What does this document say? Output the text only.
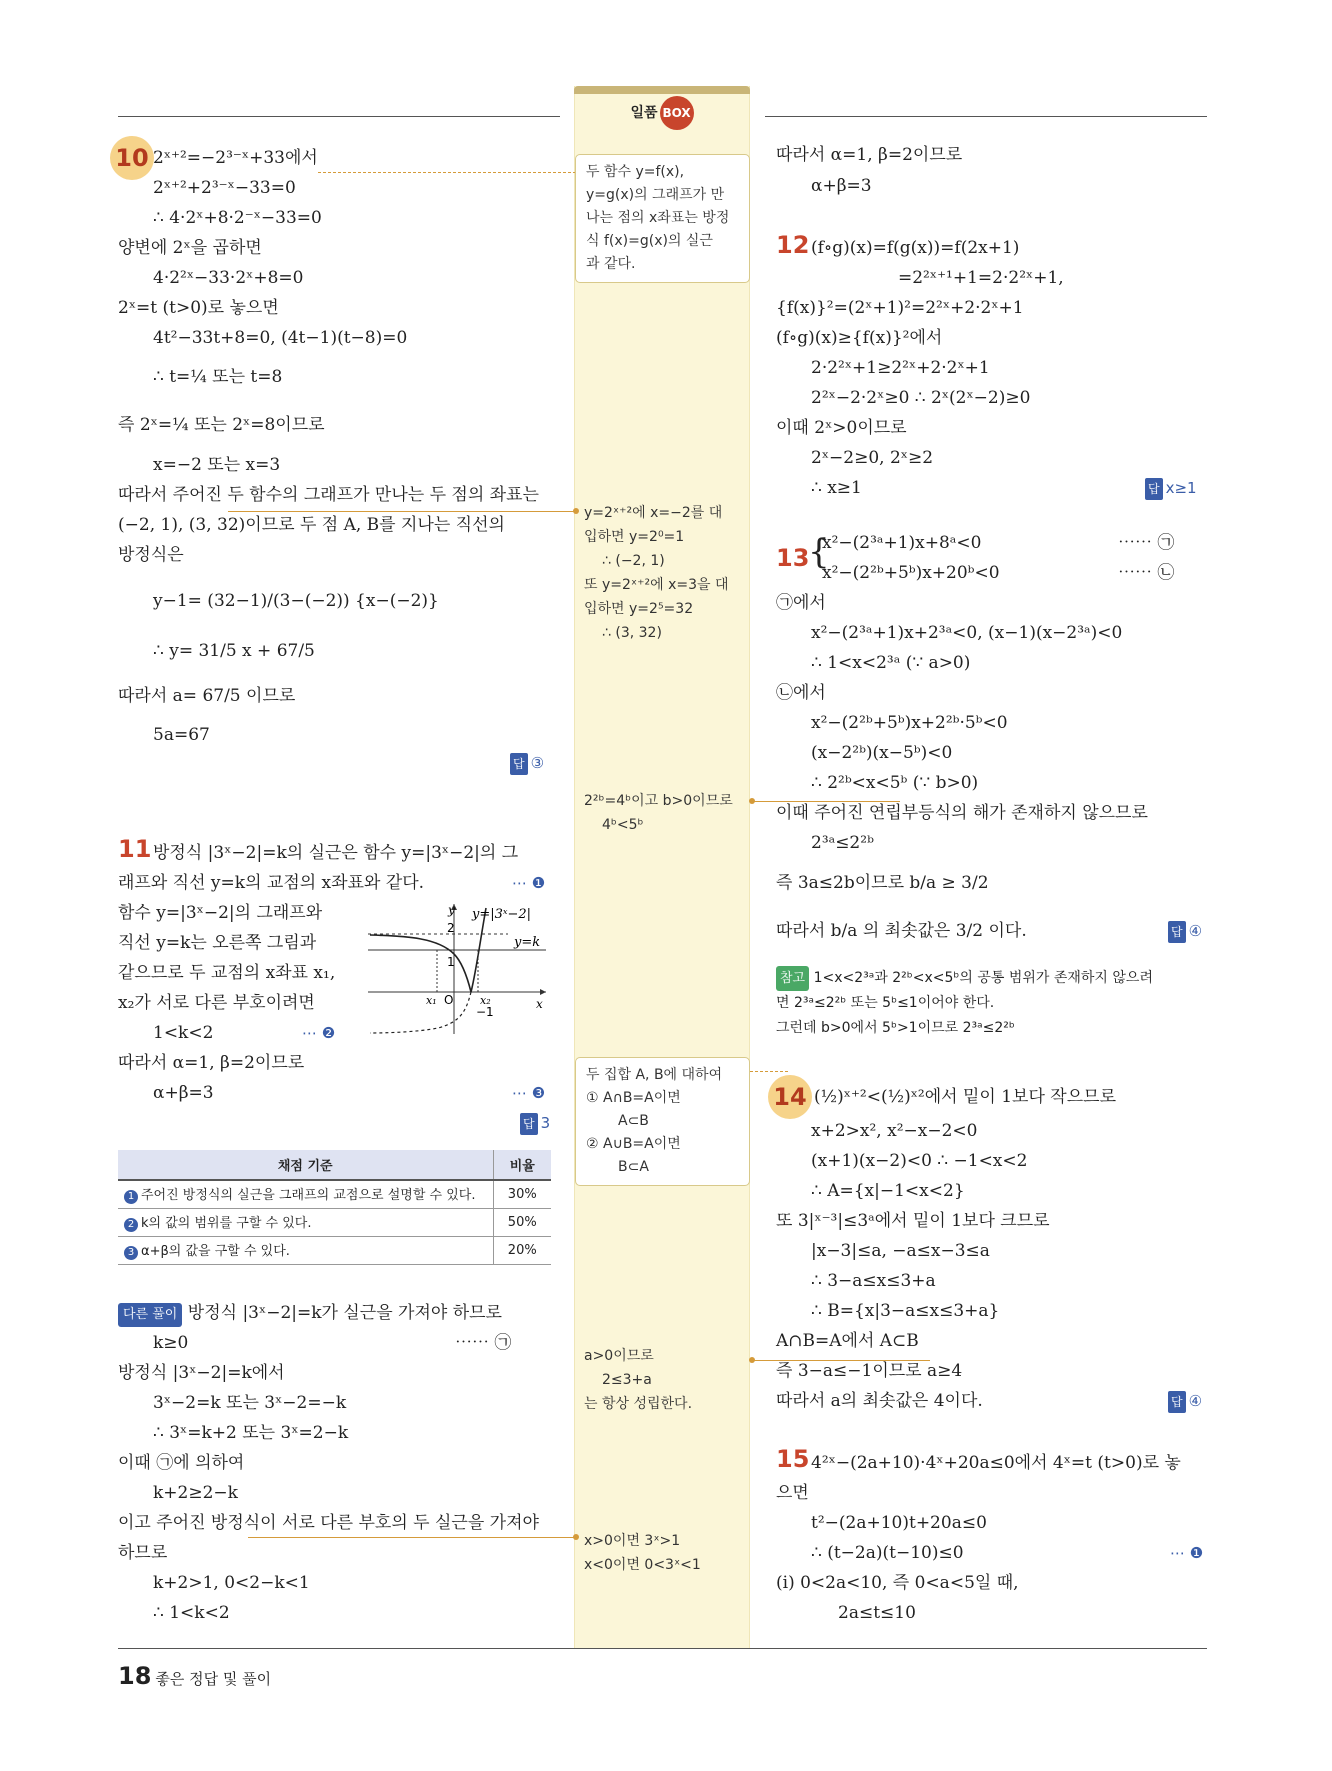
일품 BOX
10 2ˣ⁺²=−2³⁻ˣ+33에서
2ˣ⁺²+2³⁻ˣ−33=0
∴ 4·2ˣ+8·2⁻ˣ−33=0
양변에 2ˣ을 곱하면
4·2²ˣ−33·2ˣ+8=0
2ˣ=t (t>0)로 놓으면
4t²−33t+8=0, (4t−1)(t−8)=0
∴ t=¼ 또는 t=8
즉 2ˣ=¼ 또는 2ˣ=8이므로
x=−2 또는 x=3
따라서 주어진 두 함수의 그래프가 만나는 두 점의 좌표는
(−2, 1), (3, 32)이므로 두 점 A, B를 지나는 직선의
방정식은
y−1= (32−1)/(3−(−2)) {x−(−2)}
∴ y= 31/5 x + 67/5
따라서 a= 67/5 이므로
5a=67
답 ③
11 방정식 |3ˣ−2|=k의 실근은 함수 y=|3ˣ−2|의 그
래프와 직선 y=k의 교점의 x좌표와 같다.	⋯ ❶
함수 y=|3ˣ−2|의 그래프와
직선 y=k는 오른쪽 그림과
같으므로 두 교점의 x좌표 x₁,
x₂가 서로 다른 부호이려면
1<k<2	⋯ ❷
따라서 α=1, β=2이므로
α+β=3	⋯ ❸
답 3
2
1
−1
O
x₁	x₂	x
y y=|3ˣ−2|
y=k
채점 기준	비율
1 주어진 방정식의 실근을 그래프의 교점으로 설명할 수 있다.	30%
2 k의 값의 범위를 구할 수 있다.	50%
3 α+β의 값을 구할 수 있다.	20%
다른 풀이 방정식 |3ˣ−2|=k가 실근을 가져야 하므로
k≥0	⋯⋯ ㉠
방정식 |3ˣ−2|=k에서
3ˣ−2=k 또는 3ˣ−2=−k
∴ 3ˣ=k+2 또는 3ˣ=2−k
이때 ㉠에 의하여
k+2≥2−k
이고 주어진 방정식이 서로 다른 부호의 두 실근을 가져야
하므로
k+2>1, 0<2−k<1
∴ 1<k<2
두 함수 y=f(x),
y=g(x)의 그래프가 만
나는 점의 x좌표는 방정
식 f(x)=g(x)의 실근
과 같다.
y=2ˣ⁺²에 x=−2를 대
입하면 y=2⁰=1
∴ (−2, 1)
또 y=2ˣ⁺²에 x=3을 대
입하면 y=2⁵=32
∴ (3, 32)
2²ᵇ=4ᵇ이고 b>0이므로
4ᵇ<5ᵇ
두 집합 A, B에 대하여
① A∩B=A이면
A⊂B
② A∪B=A이면
B⊂A
a>0이므로
2≤3+a
는 항상 성립한다.
x>0이면 3ˣ>1
x<0이면 0<3ˣ<1
따라서 α=1, β=2이므로
α+β=3
12 (f∘g)(x)=f(g(x))=f(2x+1)
=2²ˣ⁺¹+1=2·2²ˣ+1,
{f(x)}²=(2ˣ+1)²=2²ˣ+2·2ˣ+1
(f∘g)(x)≥{f(x)}²에서
2·2²ˣ+1≥2²ˣ+2·2ˣ+1
2²ˣ−2·2ˣ≥0 ∴ 2ˣ(2ˣ−2)≥0
이때 2ˣ>0이므로
2ˣ−2≥0, 2ˣ≥2
∴ x≥1	답 x≥1
13
{
x²−(2³ᵃ+1)x+8ᵃ<0
x²−(2²ᵇ+5ᵇ)x+20ᵇ<0
⋯⋯ ㉠
⋯⋯ ㉡
㉠에서
x²−(2³ᵃ+1)x+2³ᵃ<0, (x−1)(x−2³ᵃ)<0
∴ 1<x<2³ᵃ (∵ a>0)
㉡에서
x²−(2²ᵇ+5ᵇ)x+2²ᵇ·5ᵇ<0
(x−2²ᵇ)(x−5ᵇ)<0
∴ 2²ᵇ<x<5ᵇ (∵ b>0)
이때 주어진 연립부등식의 해가 존재하지 않으므로
2³ᵃ≤2²ᵇ
즉 3a≤2b이므로 b/a ≥ 3/2
따라서 b/a 의 최솟값은 3/2 이다.	답 ④
참고 1<x<2³ᵃ과 2²ᵇ<x<5ᵇ의 공통 범위가 존재하지 않으려
면 2³ᵃ≤2²ᵇ 또는 5ᵇ≤1이어야 한다.
그런데 b>0에서 5ᵇ>1이므로 2³ᵃ≤2²ᵇ
14 (½)ˣ⁺²<(½)ˣ²에서 밑이 1보다 작으므로
x+2>x², x²−x−2<0
(x+1)(x−2)<0 ∴ −1<x<2
∴ A={x|−1<x<2}
또 3|ˣ⁻³|≤3ᵃ에서 밑이 1보다 크므로
|x−3|≤a, −a≤x−3≤a
∴ 3−a≤x≤3+a
∴ B={x|3−a≤x≤3+a}
A∩B=A에서 A⊂B
즉 3−a≤−1이므로 a≥4
따라서 a의 최솟값은 4이다.	답 ④
15 4²ˣ−(2a+10)·4ˣ+20a≤0에서 4ˣ=t (t>0)로 놓
으면
t²−(2a+10)t+20a≤0
∴ (t−2a)(t−10)≤0	⋯ ❶
(i) 0<2a<10, 즉 0<a<5일 때,
2a≤t≤10
18 좋은 정답 및 풀이
